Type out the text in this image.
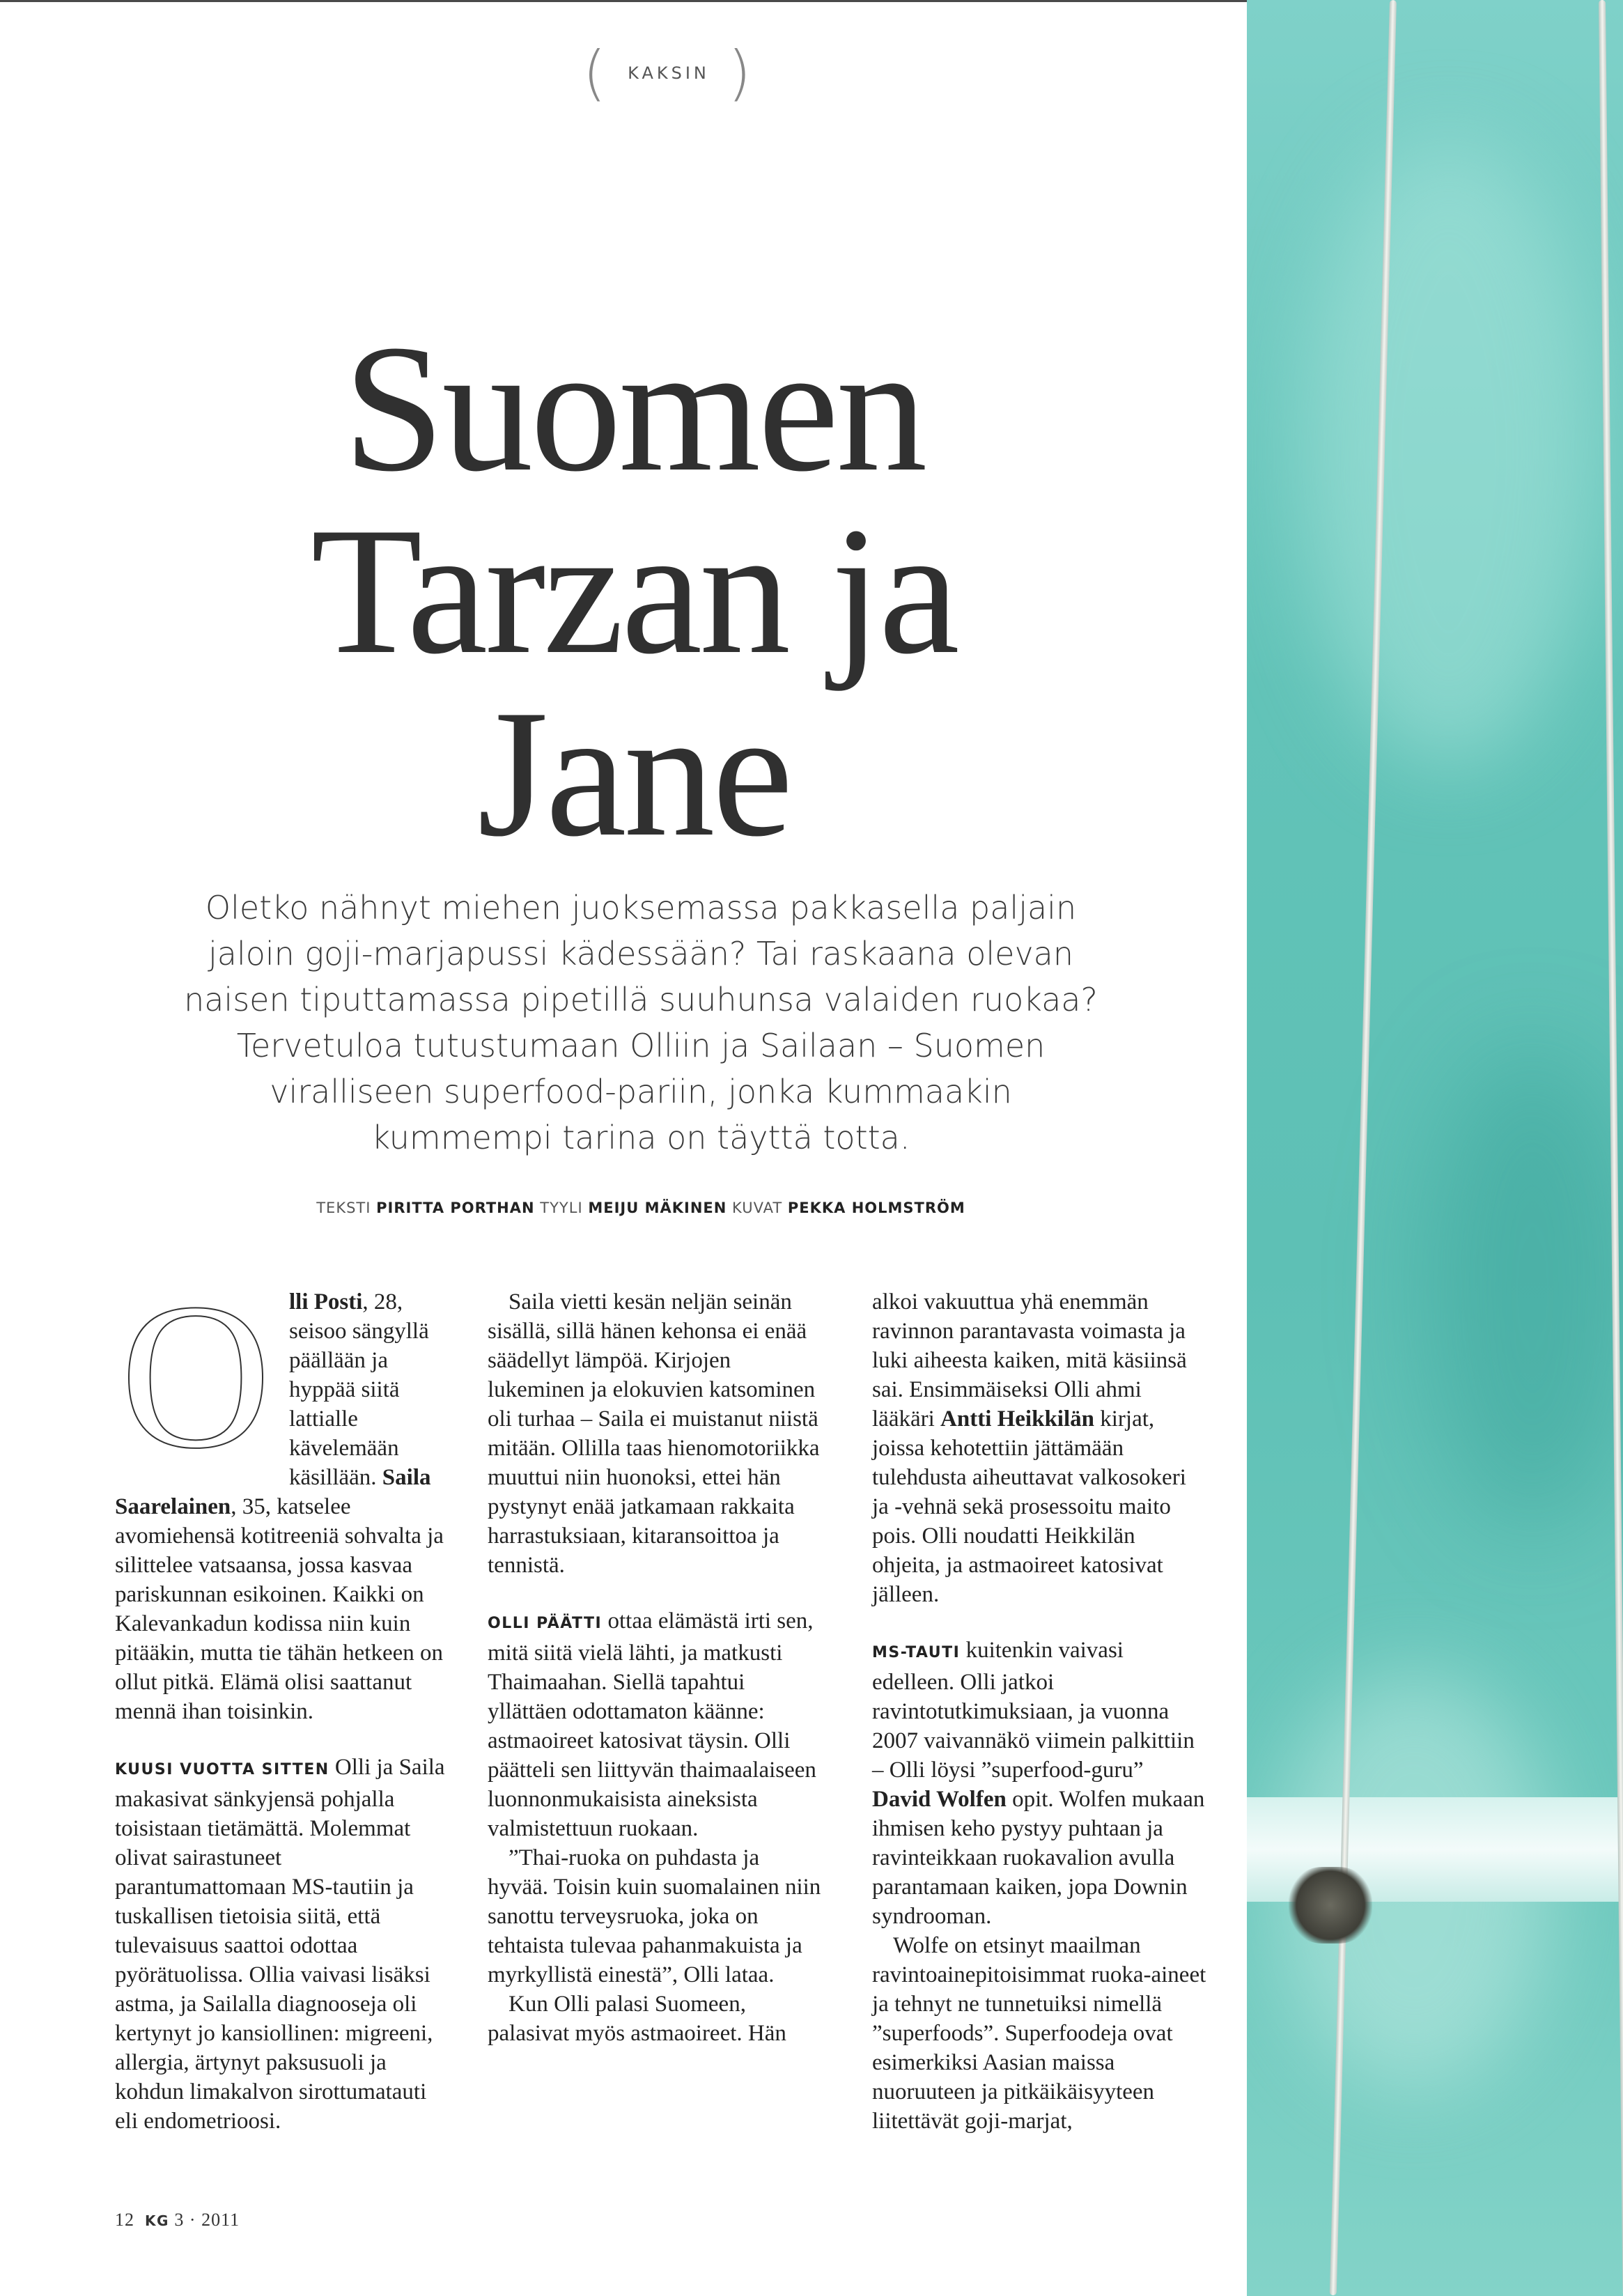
( KAKSIN )
Suomen
Tarzan ja
Jane
Oletko nähnyt miehen juoksemassa pakkasella paljain
jaloin goji-marjapussi kädessään? Tai raskaana olevan
naisen tiputtamassa pipetillä suuhunsa valaiden ruokaa?
Tervetuloa tutustumaan Olliin ja Sailaan – Suomen
viralliseen superfood-pariin, jonka kummaakin
kummempi tarina on täyttä totta.
TEKSTI PIRITTA PORTHAN TYYLI MEIJU MÄKINEN KUVAT PEKKA HOLMSTRÖM

O lli Posti, 28, seisoo sängyllä päällään ja hyppää siitä lattialle kävelemään käsillään. Saila Saarelainen, 35, katselee avomiehensä kotitreeniä sohvalta ja silittelee vatsaansa, jossa kasvaa pariskunnan esikoinen. Kaikki on Kalevankadun kodissa niin kuin pitääkin, mutta tie tähän hetkeen on ollut pitkä. Elämä olisi saattanut mennä ihan toisinkin.

KUUSI VUOTTA SITTEN Olli ja Saila makasivat sänkyjensä pohjalla toisistaan tietämättä. Molemmat olivat sairastuneet parantumattomaan MS-tautiin ja tuskallisen tietoisia siitä, että tulevaisuus saattoi odottaa pyörätuolissa. Olliа vaivasi lisäksi astma, ja Sailalla diagnooseja oli kertynyt jo kansiollinen: migreeni, allergia, ärtynyt paksusuoli ja kohdun limakalvon sirottumatauti eli endometrioosi.

Saila vietti kesän neljän seinän sisällä, sillä hänen kehonsa ei enää säädellyt lämpöä. Kirjojen lukeminen ja elokuvien katsominen oli turhaa – Saila ei muistanut niistä mitään. Ollilla taas hienomotoriikka muuttui niin huonoksi, ettei hän pystynyt enää jatkamaan rakkaita harrastuksiaan, kitaransoittoa ja tennistä.

OLLI PÄÄTTI ottaa elämästä irti sen, mitä siitä vielä lähti, ja matkusti Thaimaahan. Siellä tapahtui yllättäen odottamaton käänne: astmaoireet katosivat täysin. Olli päätteli sen liittyvän thaimaalaiseen luonnonmukaisista aineksista valmistettuun ruokaan.

”Thai-ruoka on puhdasta ja hyvää. Toisin kuin suomalainen niin sanottu terveysruoka, joka on tehtaista tulevaa pahanmakuista ja myrkyllistä einestä”, Olli lataa.

Kun Olli palasi Suomeen, palasivat myös astmaoireet. Hän

alkoi vakuuttua yhä enemmän ravinnon parantavasta voimasta ja luki aiheesta kaiken, mitä käsiinsä sai. Ensimmäiseksi Olli ahmi lääkäri Antti Heikkilän kirjat, joissa kehotettiin jättämään tulehdusta aiheuttavat valkosokeri ja -vehnä sekä prosessoitu maito pois. Olli noudatti Heikkilän ohjeita, ja astmaoireet katosivat jälleen.

MS-TAUTI kuitenkin vaivasi edelleen. Olli jatkoi ravintotutkimuksiaan, ja vuonna 2007 vaivannäkö viimein palkittiin – Olli löysi ”superfood-guru” David Wolfen opit. Wolfen mukaan ihmisen keho pystyy puhtaan ja ravinteikkaan ruokavalion avulla parantamaan kaiken, jopa Downin syndrooman.

Wolfe on etsinyt maailman ravintoainepitoisimmat ruoka-aineet ja tehnyt ne tunnetuiksi nimellä ”superfoods”. Superfoodeja ovat esimerkiksi Aasian maissa nuoruuteen ja pitkäikäisyyteen liitettävät goji-marjat,

12 KG 3 · 2011
